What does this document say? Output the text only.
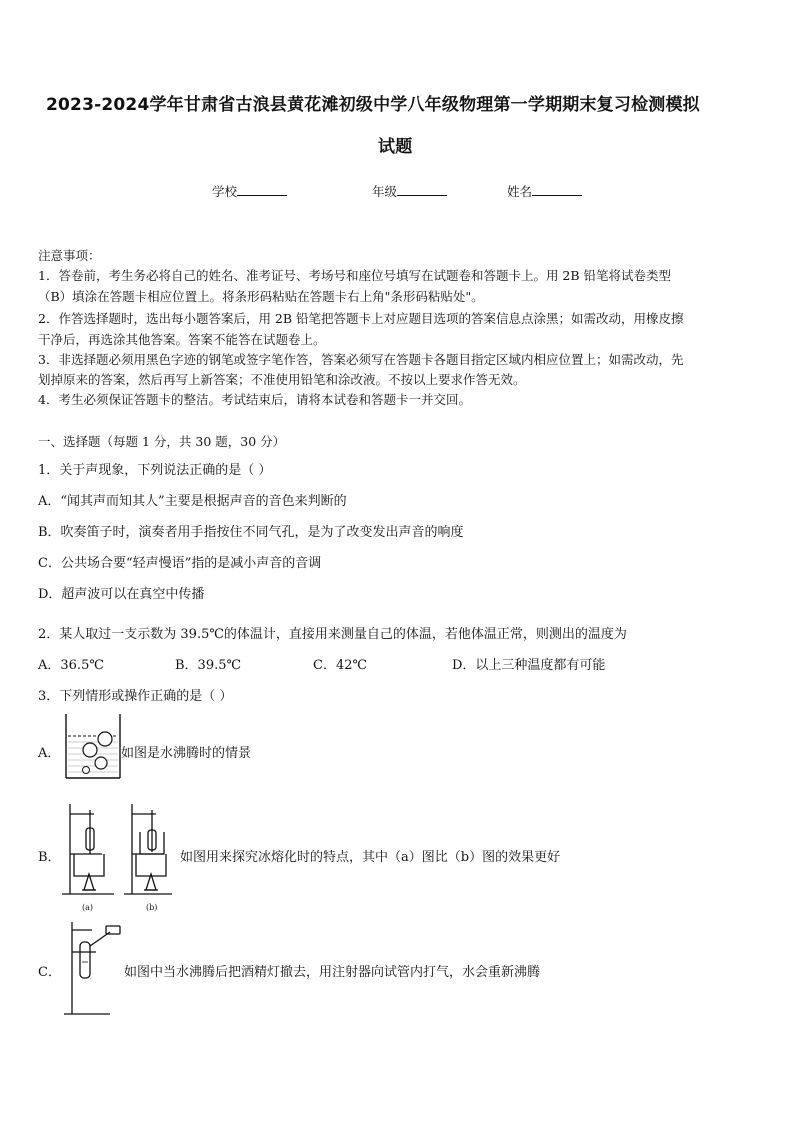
2023-2024学年甘肃省古浪县黄花滩初级中学八年级物理第一学期期末复习检测模拟
试题
学校	年级	姓名
注意事项：
1．答卷前，考生务必将自己的姓名、准考证号、考场号和座位号填写在试题卷和答题卡上。用 2B 铅笔将试卷类型
（B）填涂在答题卡相应位置上。将条形码粘贴在答题卡右上角"条形码粘贴处"。
2．作答选择题时，选出每小题答案后，用 2B 铅笔把答题卡上对应题目选项的答案信息点涂黑；如需改动，用橡皮擦
干净后，再选涂其他答案。答案不能答在试题卷上。
3．非选择题必须用黑色字迹的钢笔或签字笔作答，答案必须写在答题卡各题目指定区域内相应位置上；如需改动，先
划掉原来的答案，然后再写上新答案；不准使用铅笔和涂改液。不按以上要求作答无效。
4．考生必须保证答题卡的整洁。考试结束后，请将本试卷和答题卡一并交回。
一、选择题（每题 1 分，共 30 题，30 分）
1．关于声现象，下列说法正确的是（ ）
A．“闻其声而知其人”主要是根据声音的音色来判断的
B．吹奏笛子时，演奏者用手指按住不同气孔，是为了改变发出声音的响度
C．公共场合要“轻声慢语”指的是减小声音的音调
D．超声波可以在真空中传播
2．某人取过一支示数为 39.5℃的体温计，直接用来测量自己的体温，若他体温正常，则测出的温度为
A．36.5℃	B．39.5℃	C．42℃	D．以上三种温度都有可能
3．下列情形或操作正确的是（ ）
A．	如图是水沸腾时的情景
B．
(a)	(b)
如图用来探究冰熔化时的特点，其中（a）图比（b）图的效果更好
C．	如图中当水沸腾后把酒精灯撤去，用注射器向试管内打气，水会重新沸腾
